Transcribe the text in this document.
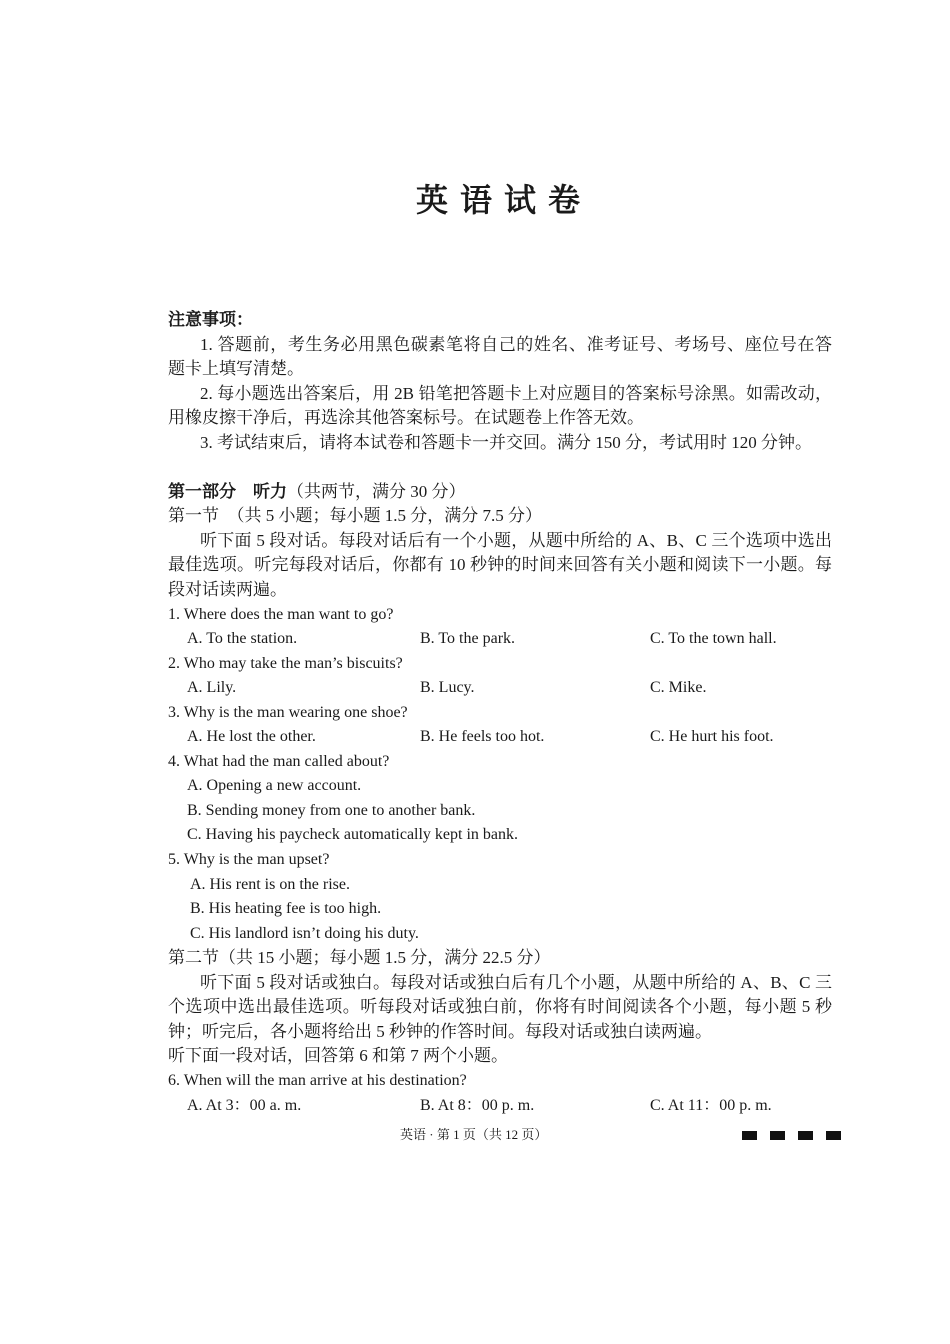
英语试卷
注意事项：
1. 答题前，考生务必用黑色碳素笔将自己的姓名、准考证号、考场号、座位号在答
题卡上填写清楚。
2. 每小题选出答案后，用 2B 铅笔把答题卡上对应题目的答案标号涂黑。如需改动，
用橡皮擦干净后，再选涂其他答案标号。在试题卷上作答无效。
3. 考试结束后，请将本试卷和答题卡一并交回。满分 150 分，考试用时 120 分钟。
第一部分　听力（共两节，满分 30 分）
第一节　（共 5 小题；每小题 1.5 分，满分 7.5 分）
听下面 5 段对话。每段对话后有一个小题，从题中所给的 A、B、C 三个选项中选出
最佳选项。听完每段对话后，你都有 10 秒钟的时间来回答有关小题和阅读下一小题。每
段对话读两遍。
1. Where does the man want to go?
A. To the station.	B. To the park.	C. To the town hall.
2. Who may take the man’s biscuits?
A. Lily.	B. Lucy.	C. Mike.
3. Why is the man wearing one shoe?
A. He lost the other.	B. He feels too hot.	C. He hurt his foot.
4. What had the man called about?
A. Opening a new account.
B. Sending money from one to another bank.
C. Having his paycheck automatically kept in bank.
5. Why is the man upset?
A. His rent is on the rise.
B. His heating fee is too high.
C. His landlord isn’t doing his duty.
第二节（共 15 小题；每小题 1.5 分，满分 22.5 分）
听下面 5 段对话或独白。每段对话或独白后有几个小题，从题中所给的 A、B、C 三
个选项中选出最佳选项。听每段对话或独白前，你将有时间阅读各个小题，每小题 5 秒
钟；听完后，各小题将给出 5 秒钟的作答时间。每段对话或独白读两遍。
听下面一段对话，回答第 6 和第 7 两个小题。
6. When will the man arrive at his destination?
A. At 3：00 a. m.	B. At 8：00 p. m.	C. At 11：00 p. m.
英语 · 第 1 页（共 12 页）
